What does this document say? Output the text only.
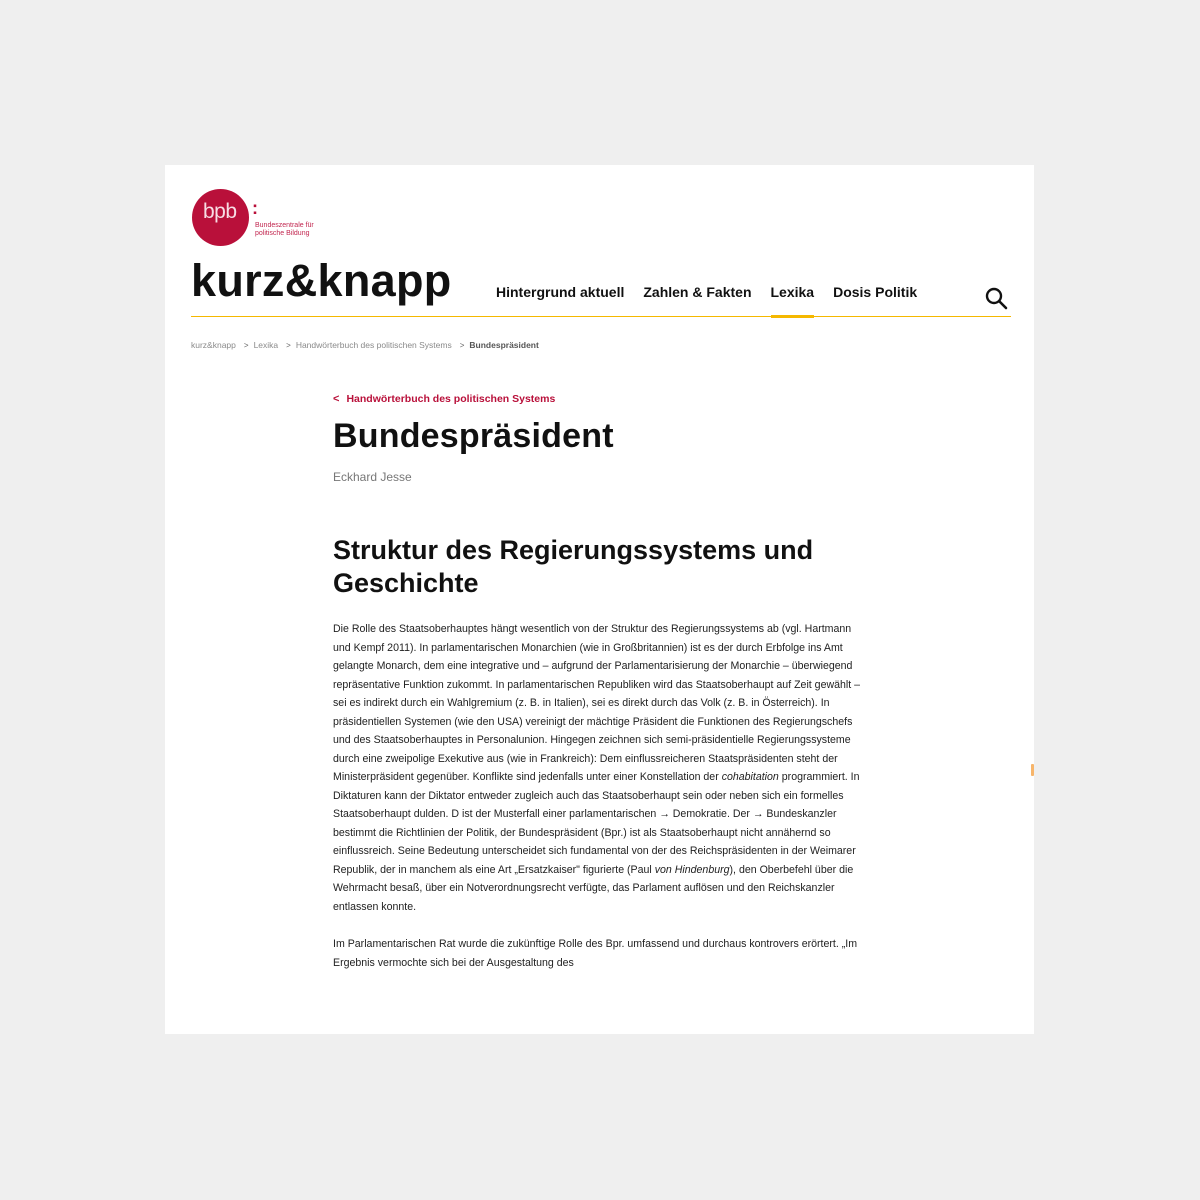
bpb :
Bundeszentrale für
politische Bildung
kurz&knapp	Hintergrund aktuell Zahlen & Fakten Lexika Dosis Politik
kurz&knapp > Lexika > Handwörterbuch des politischen Systems > Bundespräsident
< Handwörterbuch des politischen Systems
Bundespräsident
Eckhard Jesse
Struktur des Regierungssystems und Geschichte

Die Rolle des Staatsoberhauptes hängt wesentlich von der Struktur des Regierungssystems ab (vgl. Hartmann und Kempf 2011). In parlamentarischen Monarchien (wie in Großbritannien) ist es der durch Erbfolge ins Amt gelangte Monarch, dem eine integrative und – aufgrund der Parlamentarisierung der Monarchie – überwiegend repräsentative Funktion zukommt. In parlamentarischen Republiken wird das Staatsoberhaupt auf Zeit gewählt – sei es indirekt durch ein Wahlgremium (z. B. in Italien), sei es direkt durch das Volk (z. B. in Österreich). In präsidentiellen Systemen (wie den USA) vereinigt der mächtige Präsident die Funktionen des Regierungschefs und des Staatsoberhauptes in Personalunion. Hingegen zeichnen sich semi-präsidentielle Regierungssysteme durch eine zweipolige Exekutive aus (wie in Frankreich): Dem einflussreicheren Staatspräsidenten steht der Ministerpräsident gegenüber. Konflikte sind jedenfalls unter einer Konstellation der cohabitation programmiert. In Diktaturen kann der Diktator entweder zugleich auch das Staatsoberhaupt sein oder neben sich ein formelles Staatsoberhaupt dulden. D ist der Musterfall einer parlamentarischen → Demokratie. Der → Bundeskanzler bestimmt die Richtlinien der Politik, der Bundespräsident (Bpr.) ist als Staatsoberhaupt nicht annähernd so einflussreich. Seine Bedeutung unterscheidet sich fundamental von der des Reichspräsidenten in der Weimarer Republik, der in manchem als eine Art „Ersatzkaiser" figurierte (Paul von Hindenburg), den Oberbefehl über die Wehrmacht besaß, über ein Notverordnungsrecht verfügte, das Parlament auflösen und den Reichskanzler entlassen konnte.

Im Parlamentarischen Rat wurde die zukünftige Rolle des Bpr. umfassend und durchaus kontrovers erörtert. „Im Ergebnis vermochte sich bei der Ausgestaltung des
